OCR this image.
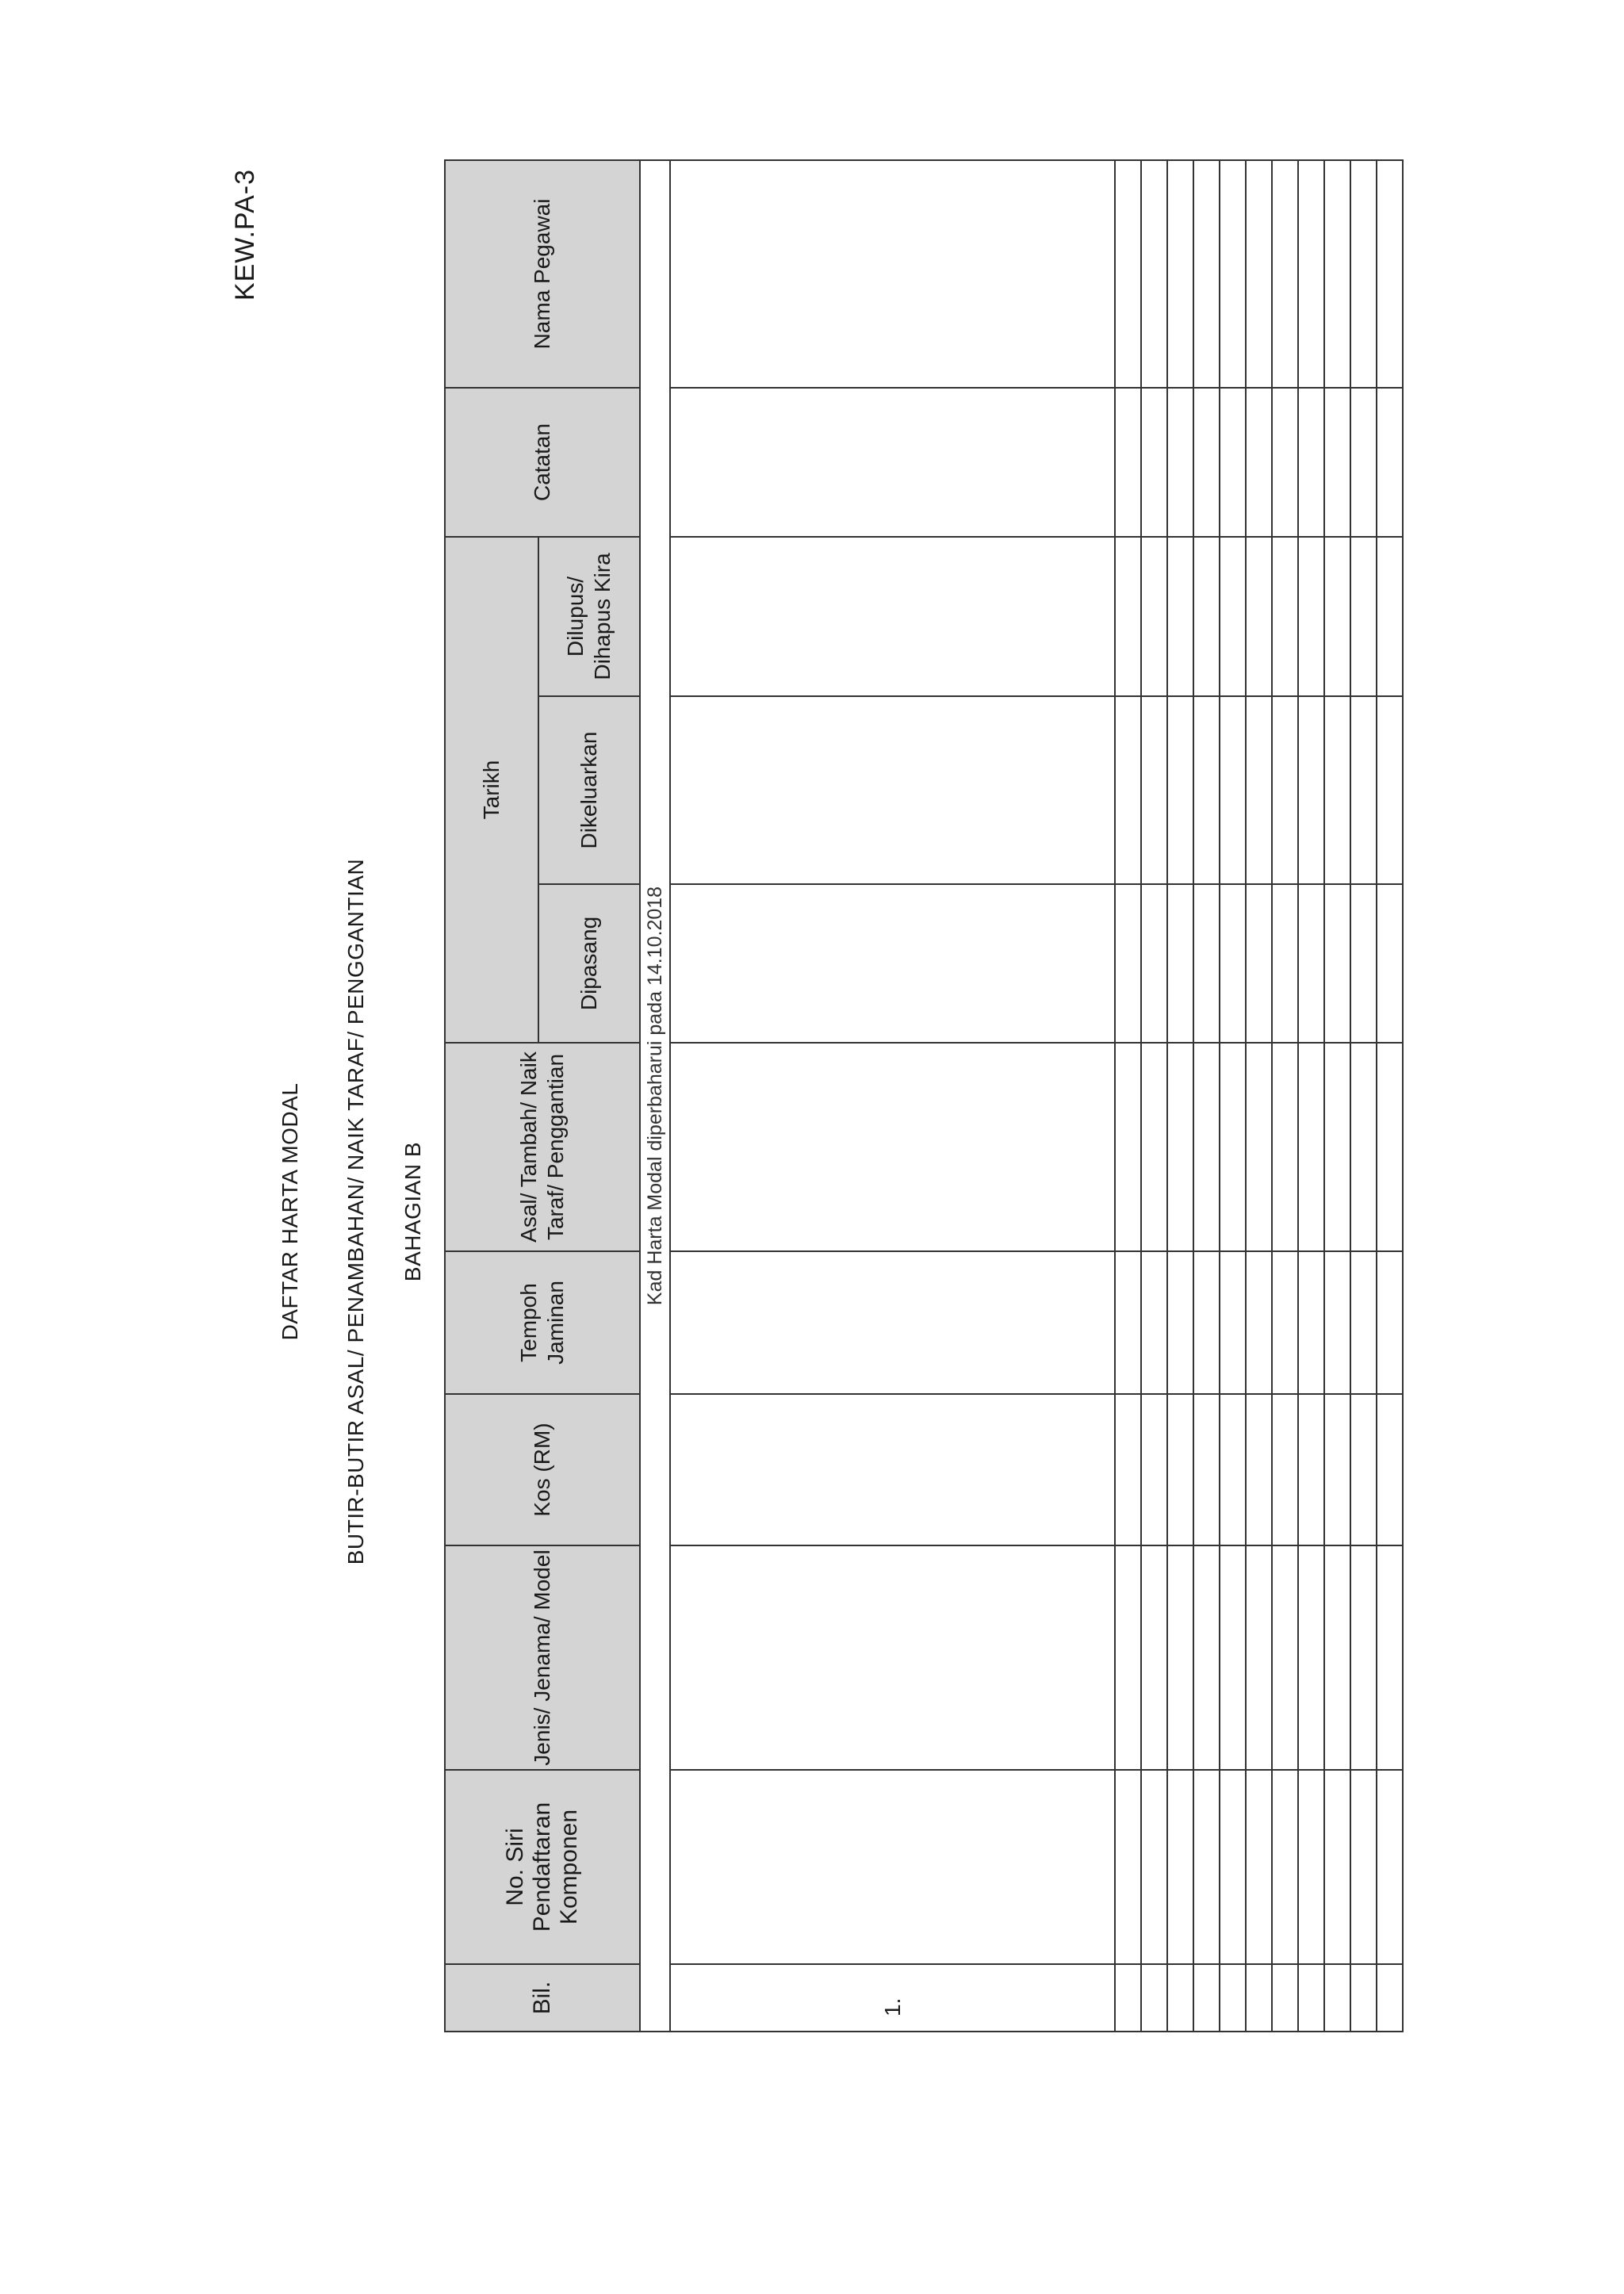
KEW.PA-3
DAFTAR HARTA MODAL BUTIR-BUTIR ASAL/ PENAMBAHAN/ NAIK TARAF/ PENGGANTIAN BAHAGIAN B
Bil.	No. Siri Pendaftaran Komponen	Jenis/ Jenama/ Model	Kos (RM)	Tempoh Jaminan	Asal/ Tambah/ Naik Taraf/ Penggantian	Tarikh			Catatan	Nama Pegawai
						Dipasang	Dikeluarkan	Dilupus/ Dihapus Kira		
Kad Harta Modal diperbaharui pada 14.10.2018										
1.										
